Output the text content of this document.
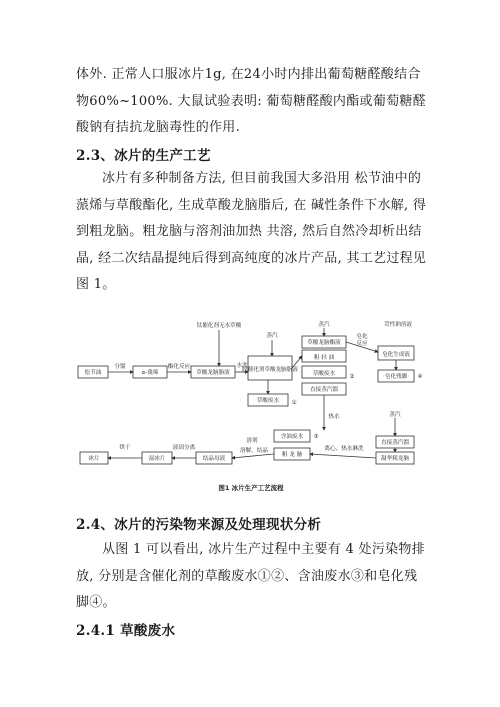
体外. 正常人口服冰片1g, 在24小时内排出葡萄糖醛酸结合物60%~100%. 大鼠试验表明: 葡萄糖醛酸内酯或葡萄糖醛酸钠有拮抗龙脑毒性的作用.

2.3、冰片的生产工艺

冰片有多种制备方法, 但目前我国大多沿用 松节油中的蒎烯与草酸酯化, 生成草酸龙脑脂后, 在 碱性条件下水解, 得到粗龙脑。粗龙脑与溶剂油加热 共溶, 然后自然冷却析出结晶, 经二次结晶提纯后得到高纯度的冰片产品, 其工艺过程见图 1。

松节油	α-蒎烯	草酸龙脑脂液 脱催化剂草酸龙脑脂液
草酸废水
草酸龙脑酯液
粗 轻 油
草酸废水
直接蒸汽馏
皂化生成液
皂化残脚
含油废水
粗 龙 脑
直接蒸汽馏
凝华粗龙脑
结晶母液
湿冰片
冰片
分馏
钛催化剂无水草酸
酯化反应
蒸汽
蒸汽
水洗
皂化
反应
苛性钠溶液
①
②
③
④
热水	蒸汽
离心、热水淋洗
溶剂
溶解、结晶
液固分离
烘干
图1 冰片生产工艺流程

2.4、冰片的污染物来源及处理现状分析

从图 1 可以看出, 冰片生产过程中主要有 4 处污染物排放, 分别是含催化剂的草酸废水①②、含油废水③和皂化残脚④。

2.4.1 草酸废水
